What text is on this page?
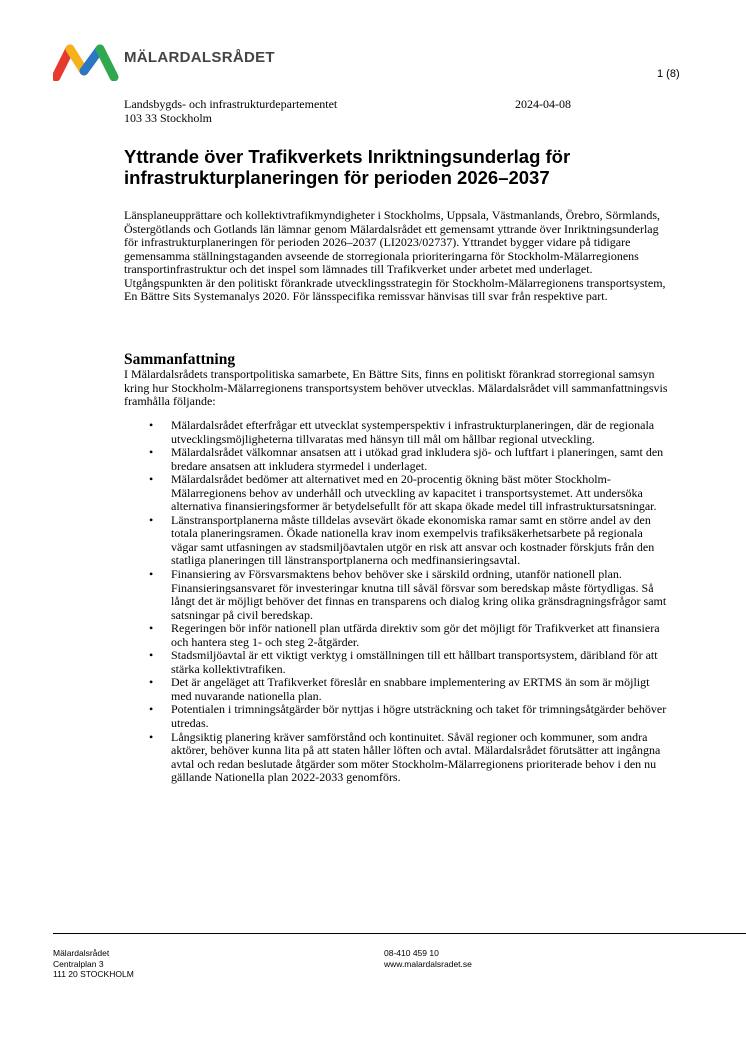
MÄLARDALSRÅDET
1 (8)
Landsbygds- och infrastrukturdepartementet
103 33 Stockholm
2024-04-08
Yttrande över Trafikverkets Inriktningsunderlag för infrastrukturplaneringen för perioden 2026–2037

Länsplaneupprättare och kollektivtrafikmyndigheter i Stockholms, Uppsala, Västmanlands, Örebro, Sörmlands, Östergötlands och Gotlands län lämnar genom Mälardalsrådet ett gemensamt yttrande över Inriktningsunderlag för infrastrukturplaneringen för perioden 2026–2037 (LI2023/02737). Yttrandet bygger vidare på tidigare gemensamma ställningstaganden avseende de storregionala prioriteringarna för Stockholm-Mälarregionens transportinfrastruktur och det inspel som lämnades till Trafikverket under arbetet med underlaget. Utgångspunkten är den politiskt förankrade utvecklingsstrategin för Stockholm-Mälarregionens transportsystem, En Bättre Sits Systemanalys 2020. För länsspecifika remissvar hänvisas till svar från respektive part.

Sammanfattning

I Mälardalsrådets transportpolitiska samarbete, En Bättre Sits, finns en politiskt förankrad storregional samsyn kring hur Stockholm-Mälarregionens transportsystem behöver utvecklas. Mälardalsrådet vill sammanfattningsvis framhålla följande:

• Mälardalsrådet efterfrågar ett utvecklat systemperspektiv i infrastrukturplaneringen, där de regionala utvecklingsmöjligheterna tillvaratas med hänsyn till mål om hållbar regional utveckling.
• Mälardalsrådet välkomnar ansatsen att i utökad grad inkludera sjö- och luftfart i planeringen, samt den bredare ansatsen att inkludera styrmedel i underlaget.
• Mälardalsrådet bedömer att alternativet med en 20-procentig ökning bäst möter Stockholm-Mälarregionens behov av underhåll och utveckling av kapacitet i transportsystemet. Att undersöka alternativa finansieringsformer är betydelsefullt för att skapa ökade medel till infrastruktursatsningar.
• Länstransportplanerna måste tilldelas avsevärt ökade ekonomiska ramar samt en större andel av den totala planeringsramen. Ökade nationella krav inom exempelvis trafiksäkerhetsarbete på regionala vägar samt utfasningen av stadsmiljöavtalen utgör en risk att ansvar och kostnader förskjuts från den statliga planeringen till länstransportplanerna och medfinansieringsavtal.
• Finansiering av Försvarsmaktens behov behöver ske i särskild ordning, utanför nationell plan. Finansieringsansvaret för investeringar knutna till såväl försvar som beredskap måste förtydligas. Så långt det är möjligt behöver det finnas en transparens och dialog kring olika gränsdragningsfrågor samt satsningar på civil beredskap.
• Regeringen bör inför nationell plan utfärda direktiv som gör det möjligt för Trafikverket att finansiera och hantera steg 1- och steg 2-åtgärder.
• Stadsmiljöavtal är ett viktigt verktyg i omställningen till ett hållbart transportsystem, däribland för att stärka kollektivtrafiken.
• Det är angeläget att Trafikverket föreslår en snabbare implementering av ERTMS än som är möjligt med nuvarande nationella plan.
• Potentialen i trimningsåtgärder bör nyttjas i högre utsträckning och taket för trimningsåtgärder behöver utredas.
• Långsiktig planering kräver samförstånd och kontinuitet. Såväl regioner och kommuner, som andra aktörer, behöver kunna lita på att staten håller löften och avtal. Mälardalsrådet förutsätter att ingångna avtal och redan beslutade åtgärder som möter Stockholm-Mälarregionens prioriterade behov i den nu gällande Nationella plan 2022-2033 genomförs.
Mälardalsrådet
Centralplan 3
111 20 STOCKHOLM
08-410 459 10
www.malardalsradet.se
